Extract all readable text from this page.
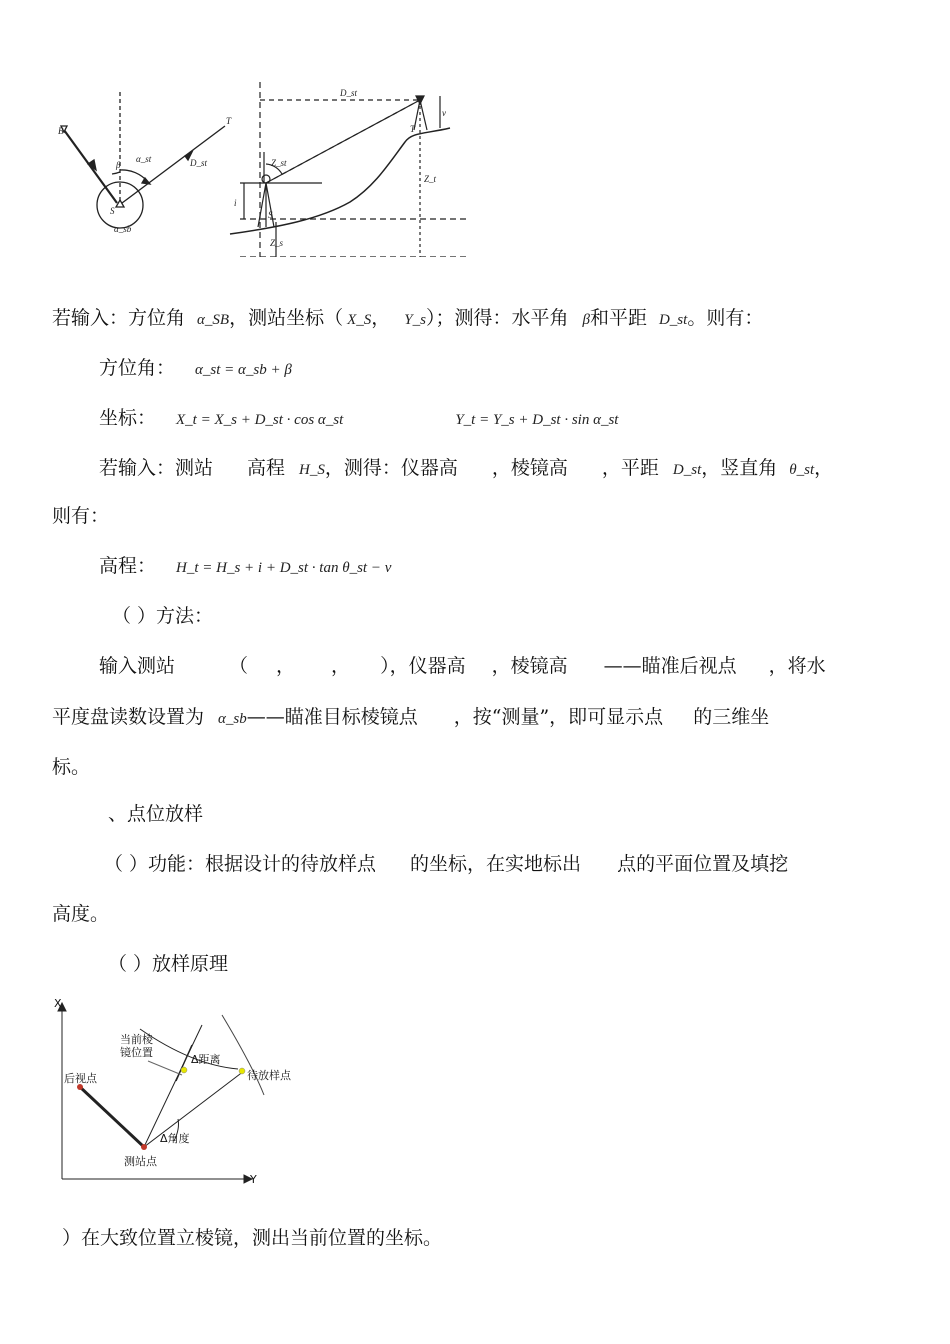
B
T
β
α_st	D_st
S
α_sb
D_st
Z_st
T
v
i
S
Z_s
Z_t
若输入：方位角 α_SB，测站坐标（ X_S， Y_s）；测得：水平角 β和平距 D_st。则有：
方位角： α_st = α_sb + β
坐标： X_t = X_s + D_st · cos α_st	Y_t = Y_s + D_st · sin α_st
若输入：测站 高程 H_S，测得：仪器高 ，棱镜高 ，平距 D_st，竖直角 θ_st，
则有：
高程： H_t = H_s + i + D_st · tan θ_st − v
（ ）方法：
输入测站	（ ， ， ），仪器高 ，棱镜高 ——瞄准后视点 ，将水
平度盘读数设置为 α_sb——瞄准目标棱镜点 ，按“测量”，即可显示点 的三维坐
标。
、点位放样
（ ）功能：根据设计的待放样点 的坐标，在实地标出 点的平面位置及填挖
高度。
（ ）放样原理
X
Y
后视点
测站点
当前棱
镜位置
Δ距离
待放样点
Δ角度
）在大致位置立棱镜，测出当前位置的坐标。
